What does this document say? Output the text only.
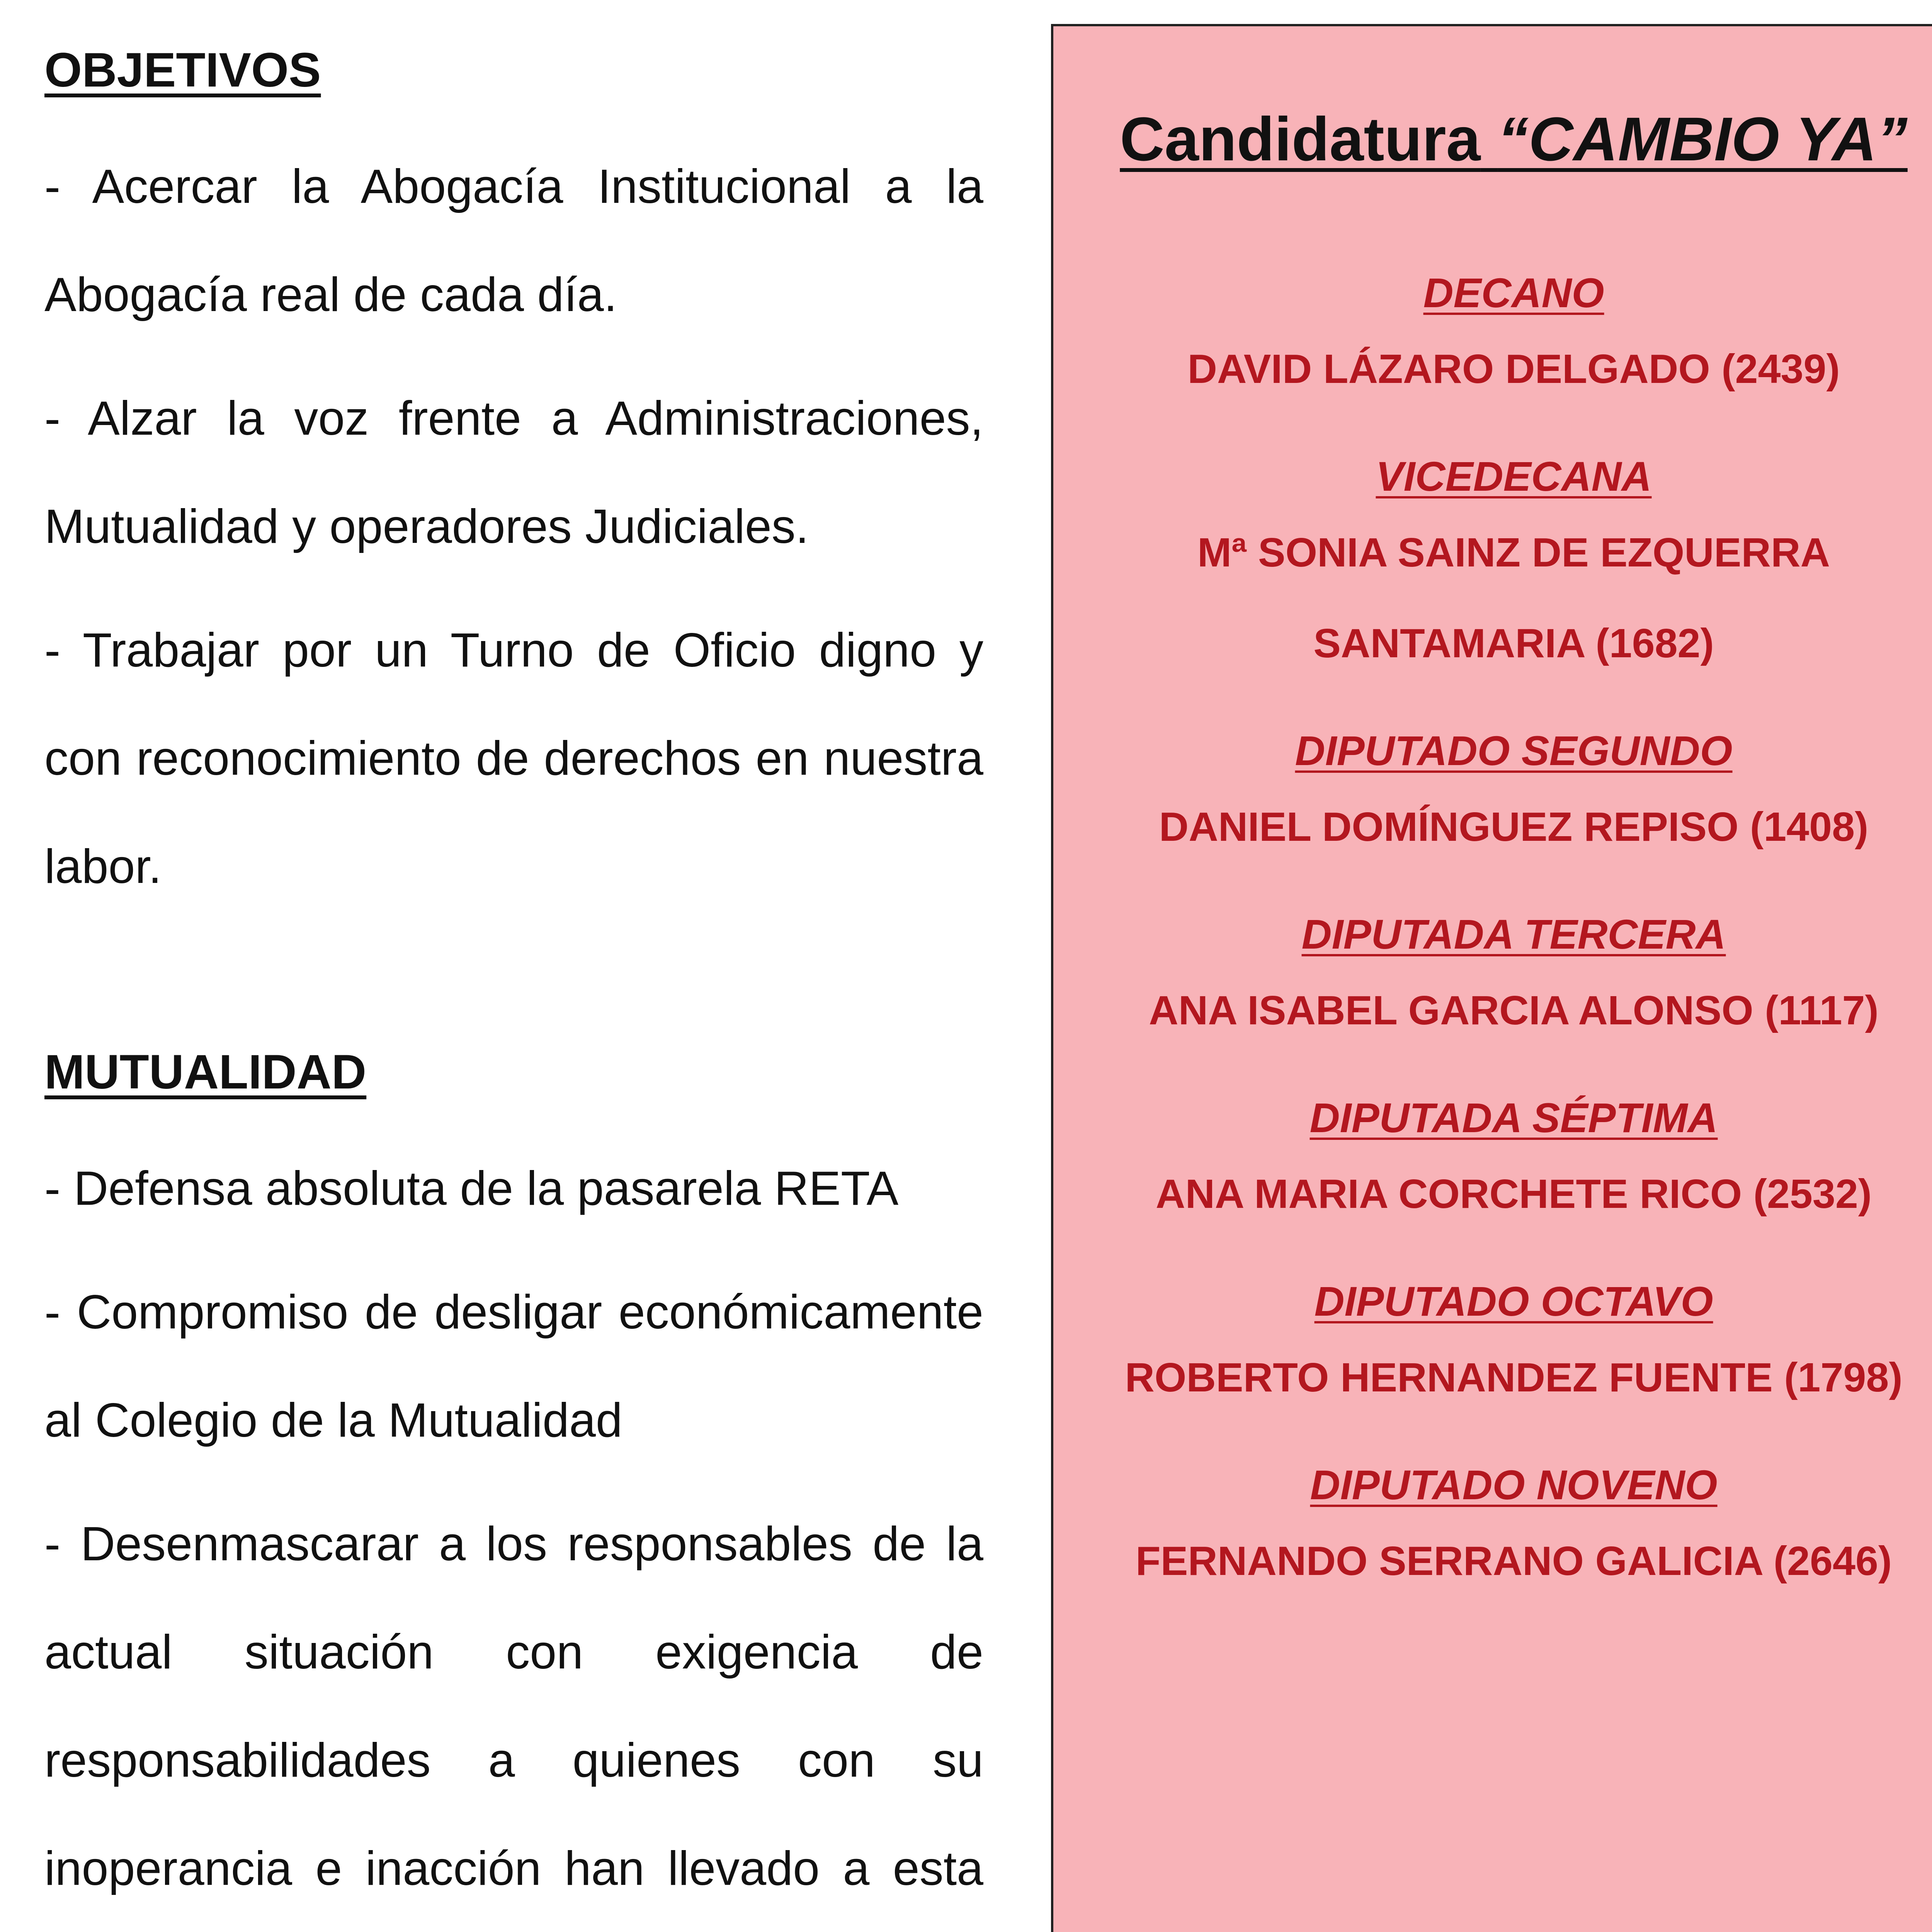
OBJETIVOS

- Acercar la Abogacía Institucional a la Abogacía real de cada día.

- Alzar la voz frente a Administraciones, Mutualidad y operadores Judiciales.

- Trabajar por un Turno de Oficio digno y con reconocimiento de derechos en nuestra labor.

MUTUALIDAD

- Defensa absoluta de la pasarela RETA

- Compromiso de desligar económicamente al Colegio de la Mutualidad

- Desenmascarar a los responsables de la actual situación con exigencia de responsabilidades a quienes con su inoperancia e inacción han llevado a esta

Candidatura “CAMBIO YA”
DECANO
DAVID LÁZARO DELGADO (2439)
VICEDECANA
Mª SONIA SAINZ DE EZQUERRA SANTAMARIA (1682)
DIPUTADO SEGUNDO
DANIEL DOMÍNGUEZ REPISO (1408)
DIPUTADA TERCERA
ANA ISABEL GARCIA ALONSO (1117)
DIPUTADA SÉPTIMA
ANA MARIA CORCHETE RICO (2532)
DIPUTADO OCTAVO
ROBERTO HERNANDEZ FUENTE (1798)
DIPUTADO NOVENO
FERNANDO SERRANO GALICIA (2646)
